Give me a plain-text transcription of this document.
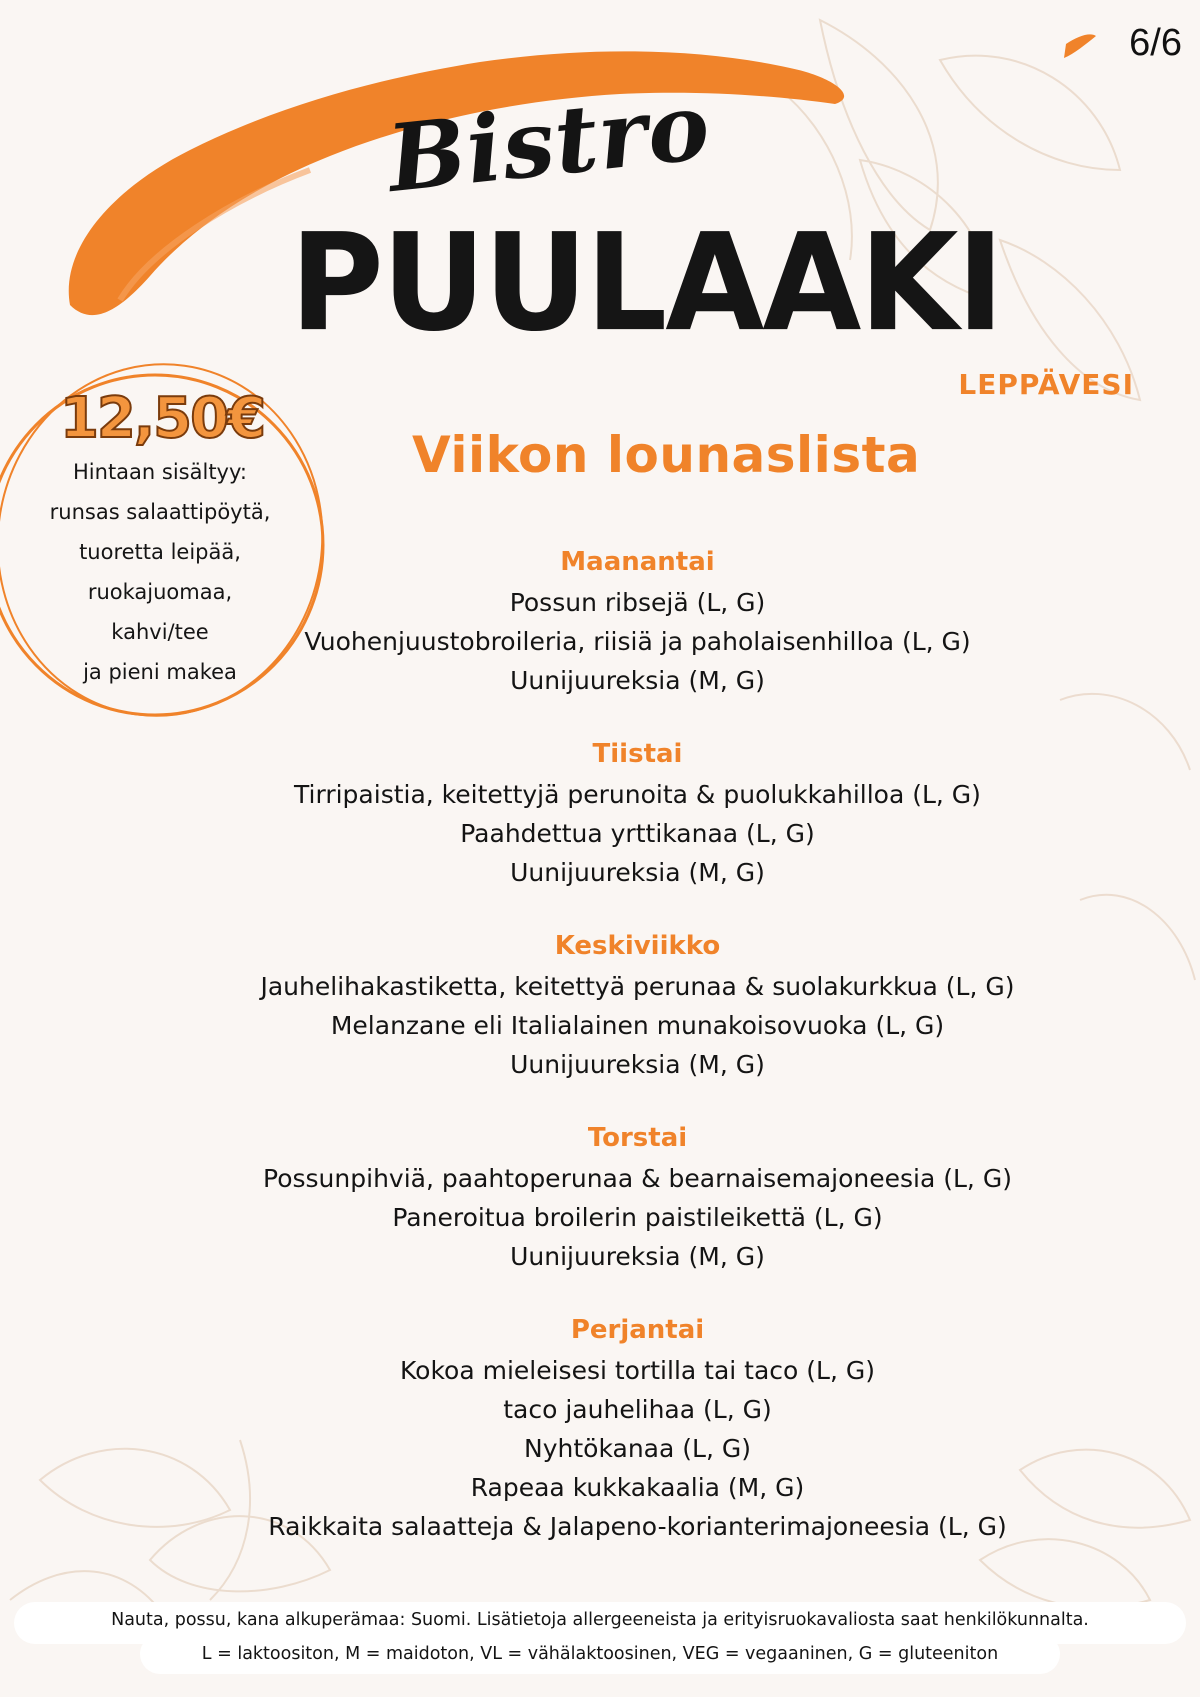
6/6
Bistro
PUULAAKI
LEPPÄVESI
12,50€
Hintaan sisältyy:
runsas salaattipöytä,
tuoretta leipää,
ruokajuomaa,
kahvi/tee
ja pieni makea
Viikon lounaslista
Maanantai
Possun ribsejä (L, G)
Vuohenjuustobroileria, riisiä ja paholaisenhilloa (L, G)
Uunijuureksia (M, G)
Tiistai
Tirripaistia, keitettyjä perunoita & puolukkahilloa (L, G)
Paahdettua yrttikanaa (L, G)
Uunijuureksia (M, G)
Keskiviikko
Jauhelihakastiketta, keitettyä perunaa & suolakurkkua (L, G)
Melanzane eli Italialainen munakoisovuoka (L, G)
Uunijuureksia (M, G)
Torstai
Possunpihviä, paahtoperunaa & bearnaisemajoneesia (L, G)
Paneroitua broilerin paistileikettä (L, G)
Uunijuureksia (M, G)
Perjantai
Kokoa mieleisesi tortilla tai taco (L, G)
taco jauhelihaa (L, G)
Nyhtökanaa (L, G)
Rapeaa kukkakaalia (M, G)
Raikkaita salaatteja & Jalapeno-korianterimajoneesia (L, G)
Nauta, possu, kana alkuperämaa: Suomi. Lisätietoja allergeeneista ja erityisruokavaliosta saat henkilökunnalta.
L = laktoositon, M = maidoton, VL = vähälaktoosinen, VEG = vegaaninen, G = gluteeniton
